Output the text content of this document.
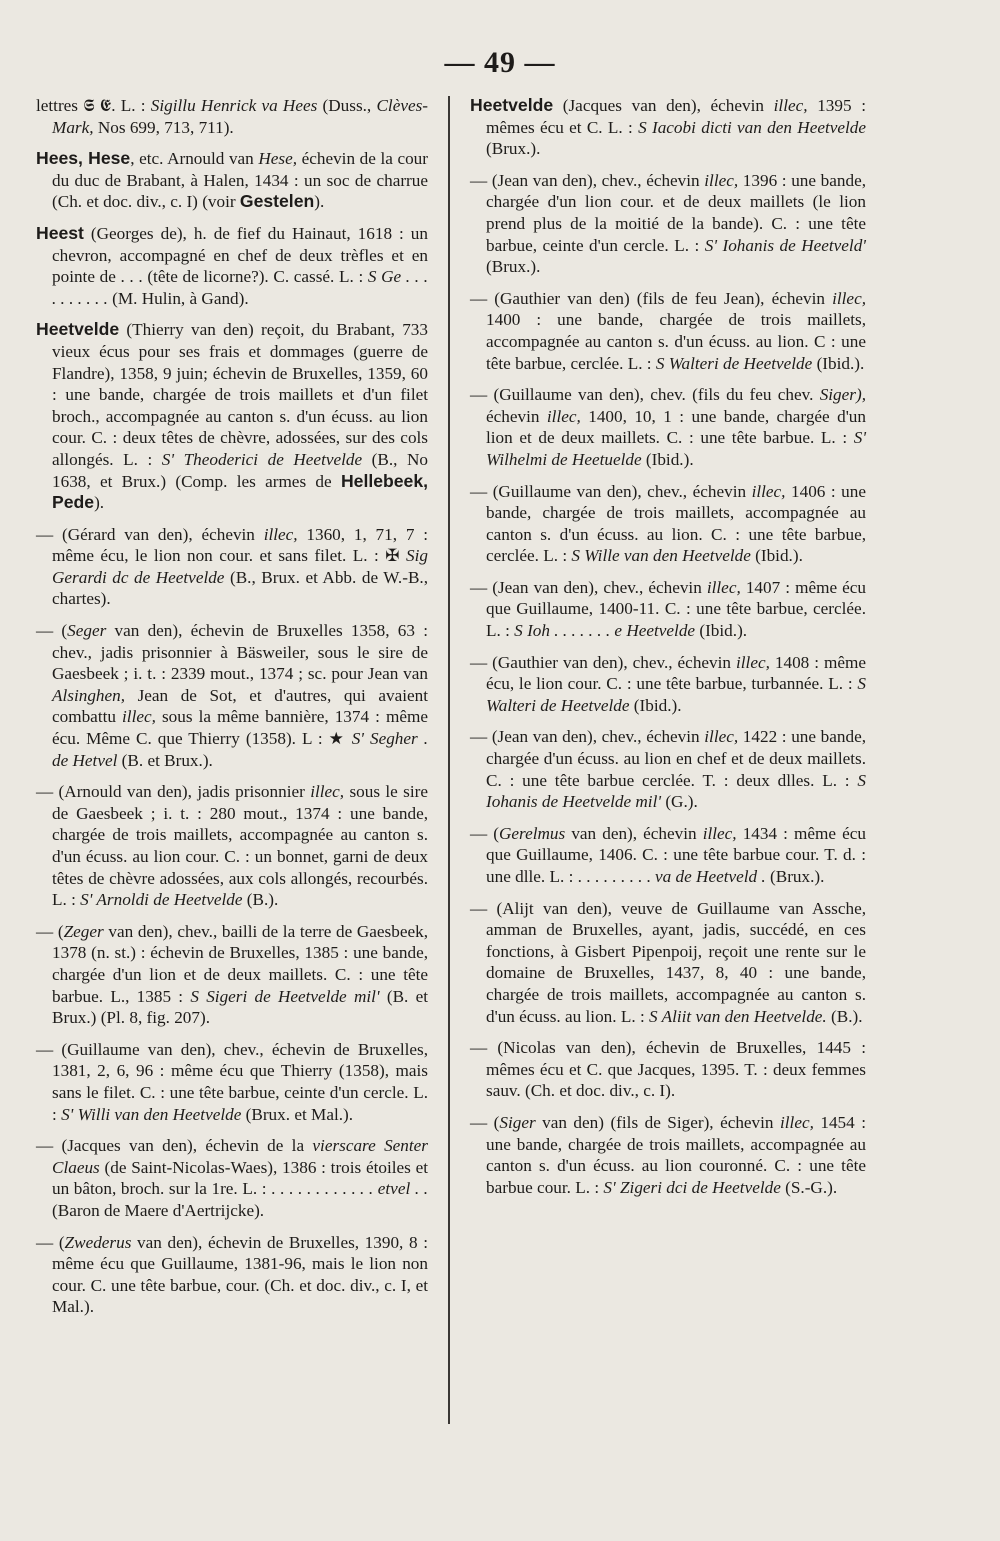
— 49 —

lettres 𝕾 𝕰. L. : Sigillu Henrick va Hees (Duss., Clèves-Mark, Nos 699, 713, 711).

Hees, Hese, etc. Arnould van Hese, échevin de la cour du duc de Brabant, à Halen, 1434 : un soc de charrue (Ch. et doc. div., c. I) (voir Gestelen).

Heest (Georges de), h. de fief du Hainaut, 1618 : un chevron, accompagné en chef de deux trèfles et en pointe de . . . (tête de licorne?). C. cassé. L. : S Ge . . . . . . . . . . (M. Hulin, à Gand).

Heetvelde (Thierry van den) reçoit, du Brabant, 733 vieux écus pour ses frais et dommages (guerre de Flandre), 1358, 9 juin; échevin de Bruxelles, 1359, 60 : une bande, chargée de trois maillets et d'un filet broch., accompagnée au canton s. d'un écuss. au lion cour. C. : deux têtes de chèvre, adossées, sur des cols allongés. L. : S' Theoderici de Heetvelde (B., No 1638, et Brux.) (Comp. les armes de Hellebeek, Pede).

— (Gérard van den), échevin illec, 1360, 1, 71, 7 : même écu, le lion non cour. et sans filet. L. : ✠ Sig Gerardi dc de Heetvelde (B., Brux. et Abb. de W.-B., chartes).

— (Seger van den), échevin de Bruxelles 1358, 63 : chev., jadis prisonnier à Bäsweiler, sous le sire de Gaesbeek ; i. t. : 2339 mout., 1374 ; sc. pour Jean van Alsinghen, Jean de Sot, et d'autres, qui avaient combattu illec, sous la même bannière, 1374 : même écu. Même C. que Thierry (1358). L : ★ S' Segher . de Hetvel (B. et Brux.).

— (Arnould van den), jadis prisonnier illec, sous le sire de Gaesbeek ; i. t. : 280 mout., 1374 : une bande, chargée de trois maillets, accompagnée au canton s. d'un écuss. au lion cour. C. : un bonnet, garni de deux têtes de chèvre adossées, aux cols allongés, recourbés. L. : S' Arnoldi de Heetvelde (B.).

— (Zeger van den), chev., bailli de la terre de Gaesbeek, 1378 (n. st.) : échevin de Bruxelles, 1385 : une bande, chargée d'un lion et de deux maillets. C. : une tête barbue. L., 1385 : S Sigeri de Heetvelde mil' (B. et Brux.) (Pl. 8, fig. 207).

— (Guillaume van den), chev., échevin de Bruxelles, 1381, 2, 6, 96 : même écu que Thierry (1358), mais sans le filet. C. : une tête barbue, ceinte d'un cercle. L. : S' Willi van den Heetvelde (Brux. et Mal.).

— (Jacques van den), échevin de la vierscare Senter Claeus (de Saint-Nicolas-Waes), 1386 : trois étoiles et un bâton, broch. sur la 1re. L. : . . . . . . . . . . . . etvel . . (Baron de Maere d'Aertrijcke).

— (Zwederus van den), échevin de Bruxelles, 1390, 8 : même écu que Guillaume, 1381-96, mais le lion non cour. C. une tête barbue, cour. (Ch. et doc. div., c. I, et Mal.).

Heetvelde (Jacques van den), échevin illec, 1395 : mêmes écu et C. L. : S Iacobi dicti van den Heetvelde (Brux.).

— (Jean van den), chev., échevin illec, 1396 : une bande, chargée d'un lion cour. et de deux maillets (le lion prend plus de la moitié de la bande). C. : une tête barbue, ceinte d'un cercle. L. : S' Iohanis de Heetveld' (Brux.).

— (Gauthier van den) (fils de feu Jean), échevin illec, 1400 : une bande, chargée de trois maillets, accompagnée au canton s. d'un écuss. au lion. C : une tête barbue, cerclée. L. : S Walteri de Heetvelde (Ibid.).

— (Guillaume van den), chev. (fils du feu chev. Siger), échevin illec, 1400, 10, 1 : une bande, chargée d'un lion et de deux maillets. C. : une tête barbue. L. : S' Wilhelmi de Heetuelde (Ibid.).

— (Guillaume van den), chev., échevin illec, 1406 : une bande, chargée de trois maillets, accompagnée au canton s. d'un écuss. au lion. C. : une tête barbue, cerclée. L. : S Wille van den Heetvelde (Ibid.).

— (Jean van den), chev., échevin illec, 1407 : même écu que Guillaume, 1400-11. C. : une tête barbue, cerclée. L. : S Ioh . . . . . . . e Heetvelde (Ibid.).

— (Gauthier van den), chev., échevin illec, 1408 : même écu, le lion cour. C. : une tête barbue, turbannée. L. : S Walteri de Heetvelde (Ibid.).

— (Jean van den), chev., échevin illec, 1422 : une bande, chargée d'un écuss. au lion en chef et de deux maillets. C. : une tête barbue cerclée. T. : deux dlles. L. : S Iohanis de Heetvelde mil' (G.).

— (Gerelmus van den), échevin illec, 1434 : même écu que Guillaume, 1406. C. : une tête barbue cour. T. d. : une dlle. L. : . . . . . . . . . va de Heetveld . (Brux.).

— (Alijt van den), veuve de Guillaume van Assche, amman de Bruxelles, ayant, jadis, succédé, en ces fonctions, à Gisbert Pipenpoij, reçoit une rente sur le domaine de Bruxelles, 1437, 8, 40 : une bande, chargée de trois maillets, accompagnée au canton s. d'un écuss. au lion. L. : S Aliit van den Heetvelde. (B.).

— (Nicolas van den), échevin de Bruxelles, 1445 : mêmes écu et C. que Jacques, 1395. T. : deux femmes sauv. (Ch. et doc. div., c. I).

— (Siger van den) (fils de Siger), échevin illec, 1454 : une bande, chargée de trois maillets, accompagnée au canton s. d'un écuss. au lion couronné. C. : une tête barbue cour. L. : S' Zigeri dci de Heetvelde (S.-G.).
